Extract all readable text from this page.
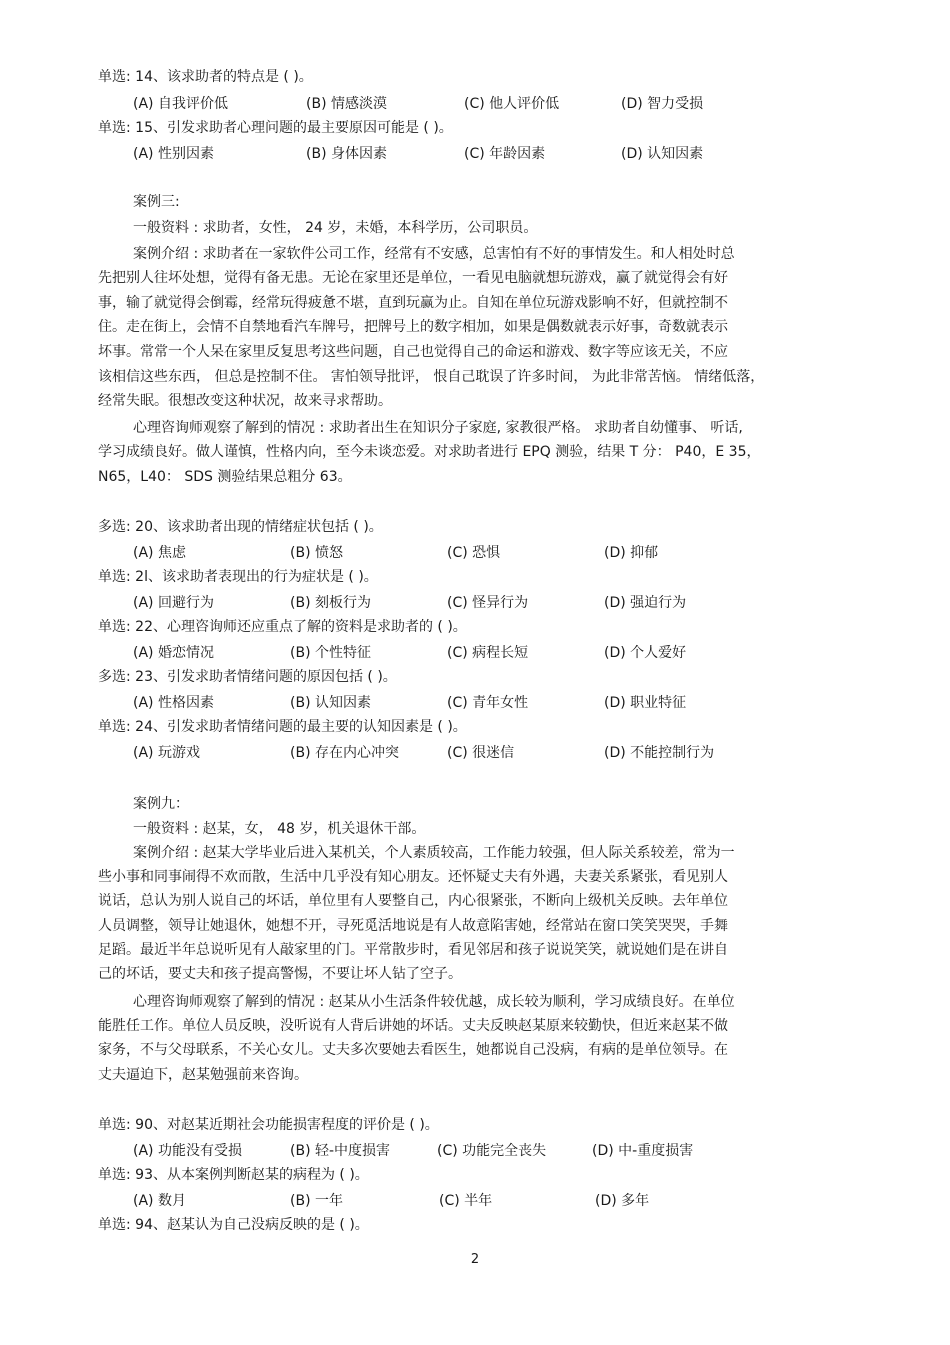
单选: 14、该求助者的特点是 ( )。
(A) 自我评价低	(B) 情感淡漠	(C) 他人评价低	(D) 智力受损
单选: 15、引发求助者心理问题的最主要原因可能是 ( )。
(A) 性别因素	(B) 身体因素	(C) 年龄因素	(D) 认知因素
案例三:
一般资料 : 求助者，女性， 24 岁，未婚，本科学历，公司职员。
案例介绍 : 求助者在一家软件公司工作，经常有不安感，总害怕有不好的事情发生。和人相处时总
先把别人往坏处想，觉得有备无患。无论在家里还是单位，一看见电脑就想玩游戏，赢了就觉得会有好
事，输了就觉得会倒霉，经常玩得疲惫不堪，直到玩赢为止。自知在单位玩游戏影响不好，但就控制不
住。走在街上，会情不自禁地看汽车牌号，把牌号上的数字相加，如果是偶数就表示好事，奇数就表示
坏事。常常一个人呆在家里反复思考这些问题，自己也觉得自己的命运和游戏、数字等应该无关，不应
该相信这些东西， 但总是控制不住。 害怕领导批评， 恨自己耽误了许多时间， 为此非常苦恼。 情绪低落，
经常失眠。很想改变这种状况，故来寻求帮助。
心理咨询师观察了解到的情况 : 求助者出生在知识分子家庭, 家教很严格。 求助者自幼懂事、 听话,
学习成绩良好。做人谨慎，性格内向，至今未谈恋爱。对求助者进行 EPQ 测验，结果 T 分： P40，E 35，
N65，L40： SDS 测验结果总粗分 63。
多选: 20、该求助者出现的情绪症状包括 ( )。
(A) 焦虑	(B) 愤怒	(C) 恐惧	(D) 抑郁
单选: 2l、该求助者表现出的行为症状是 ( )。
(A) 回避行为	(B) 刻板行为	(C) 怪异行为	(D) 强迫行为
单选: 22、心理咨询师还应重点了解的资料是求助者的 ( )。
(A) 婚恋情况	(B) 个性特征	(C) 病程长短	(D) 个人爱好
多选: 23、引发求助者情绪问题的原因包括 ( )。
(A) 性格因素	(B) 认知因素	(C) 青年女性	(D) 职业特征
单选: 24、引发求助者情绪问题的最主要的认知因素是 ( )。
(A) 玩游戏	(B) 存在内心冲突	(C) 很迷信	(D) 不能控制行为
案例九：
一般资料 : 赵某，女， 48 岁，机关退休干部。
案例介绍 : 赵某大学毕业后进入某机关，个人素质较高，工作能力较强，但人际关系较差，常为一
些小事和同事闹得不欢而散，生活中几乎没有知心朋友。还怀疑丈夫有外遇，夫妻关系紧张，看见别人
说话，总认为别人说自己的坏话，单位里有人要整自己，内心很紧张，不断向上级机关反映。去年单位
人员调整，领导让她退休，她想不开，寻死觅活地说是有人故意陷害她，经常站在窗口笑笑哭哭，手舞
足蹈。最近半年总说听见有人敲家里的门。平常散步时，看见邻居和孩子说说笑笑，就说她们是在讲自
己的坏话，要丈夫和孩子提高警惕，不要让坏人钻了空子。
心理咨询师观察了解到的情况 : 赵某从小生活条件较优越，成长较为顺利，学习成绩良好。在单位
能胜任工作。单位人员反映，没听说有人背后讲她的坏话。丈夫反映赵某原来较勤快，但近来赵某不做
家务，不与父母联系，不关心女儿。丈夫多次要她去看医生，她都说自己没病，有病的是单位领导。在
丈夫逼迫下，赵某勉强前来咨询。
单选: 90、对赵某近期社会功能损害程度的评价是 ( )。
(A) 功能没有受损	(B) 轻-中度损害	(C) 功能完全丧失	(D) 中-重度损害
单选: 93、从本案例判断赵某的病程为 ( )。
(A) 数月	(B) 一年	(C) 半年	(D) 多年
单选: 94、赵某认为自己没病反映的是 ( )。
2
